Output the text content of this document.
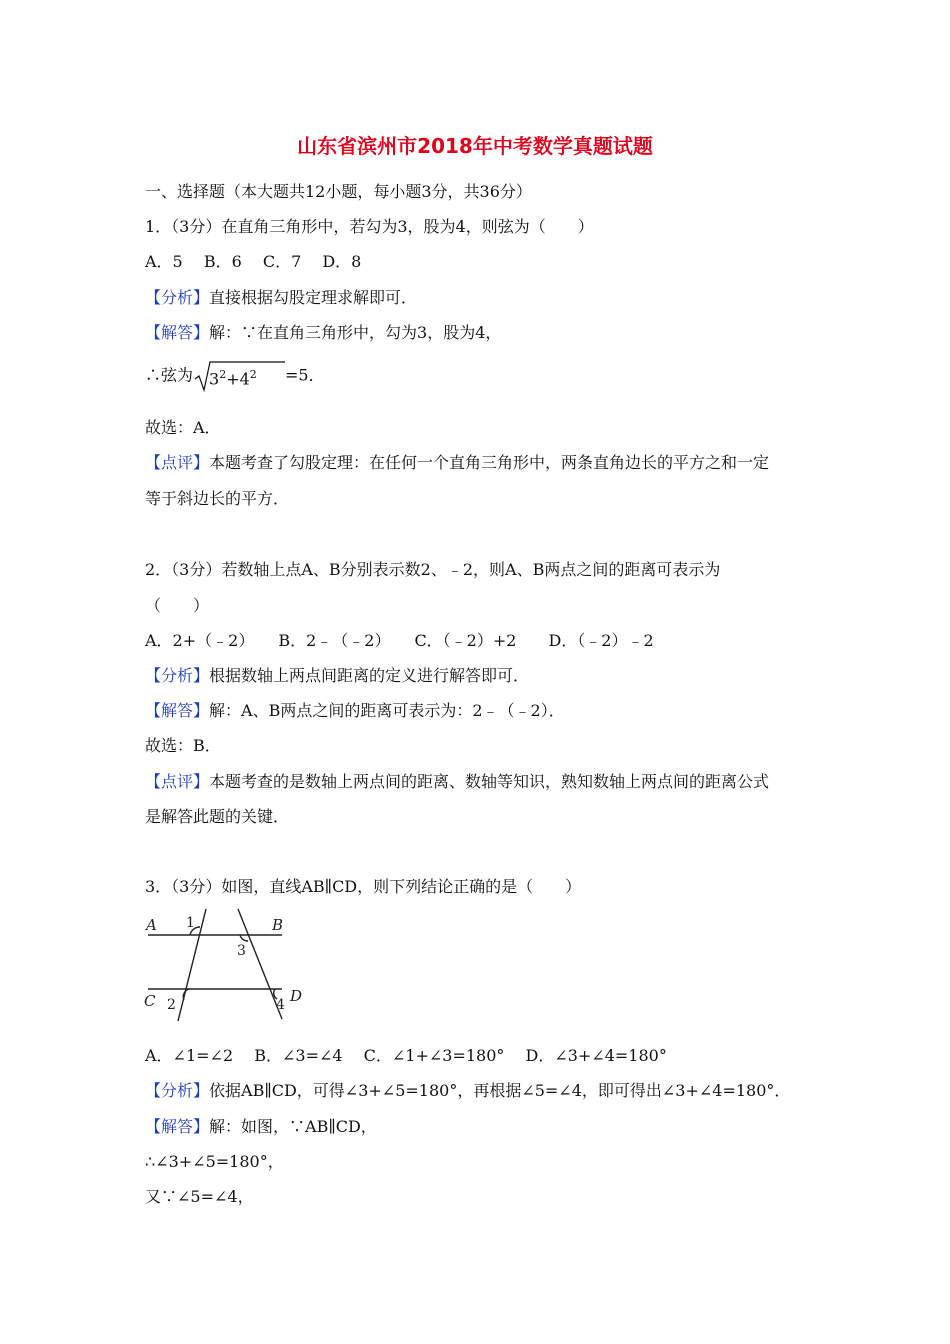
山东省滨州市2018年中考数学真题试题
一、选择题（本大题共12小题，每小题3分，共36分）
1．（3分）在直角三角形中，若勾为3，股为4，则弦为（　　）
A．5　 B．6　 C．7　 D．8
【分析】直接根据勾股定理求解即可．
【解答】解：∵在直角三角形中，勾为3，股为4，
∴弦为 $3^2+4^2 =5$．
故选：A．
【点评】本题考查了勾股定理：在任何一个直角三角形中，两条直角边长的平方之和一定
等于斜边长的平方．
2．（3分）若数轴上点A、B分别表示数2、﹣2，则A、B两点之间的距离可表示为
（　　）
A．2+（﹣2）　　B．2﹣（﹣2）　　C．（﹣2）+2　　D．（﹣2）﹣2
【分析】根据数轴上两点间距离的定义进行解答即可．
【解答】解：A、B两点之间的距离可表示为：2﹣（﹣2）．
故选：B．
【点评】本题考查的是数轴上两点间的距离、数轴等知识，熟知数轴上两点间的距离公式
是解答此题的关键．
3．（3分）如图，直线AB∥CD，则下列结论正确的是（　　）
A	B
C	D
1
2
3
4
A．∠1=∠2　 B．∠3=∠4　 C．∠1+∠3=180°　 D．∠3+∠4=180°
【分析】依据AB∥CD，可得∠3+∠5=180°，再根据∠5=∠4，即可得出∠3+∠4=180°．
【解答】解：如图，∵AB∥CD，
∴∠3+∠5=180°，
又∵∠5=∠4，
